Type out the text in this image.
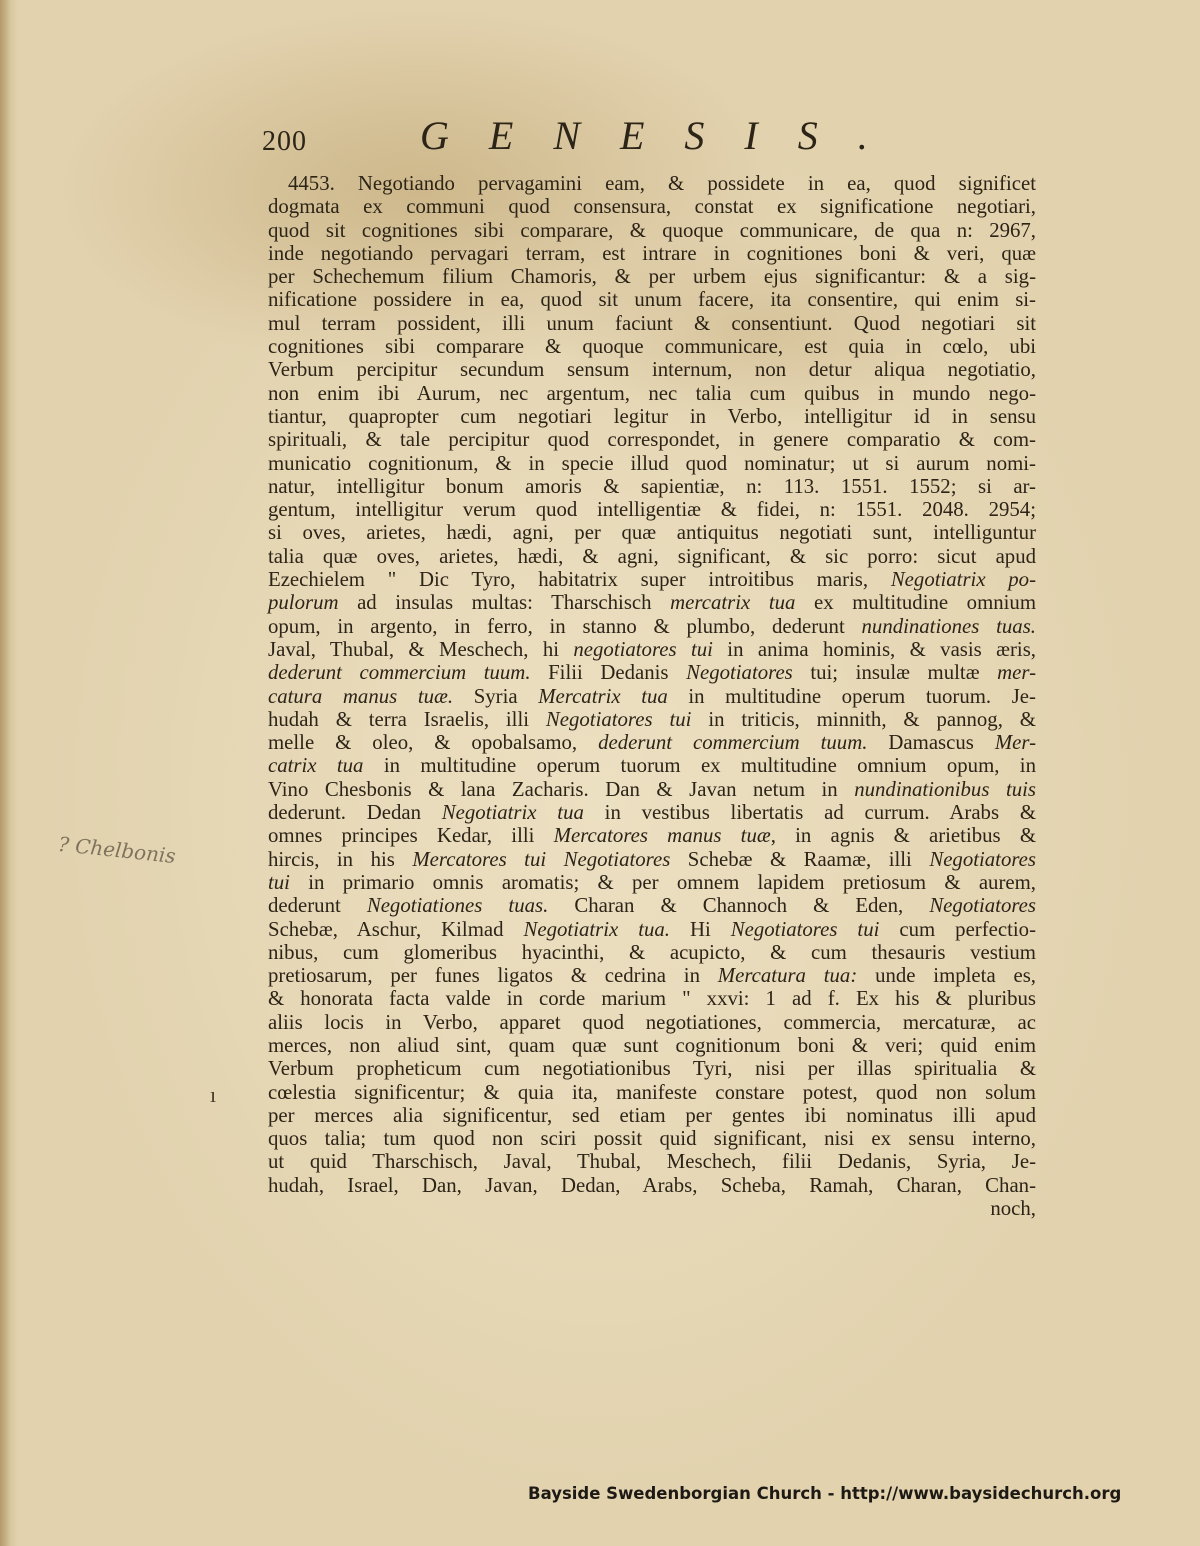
200	GENESIS.
4453. Negotiando pervagamini eam, & possidete in ea, quod significet
dogmata ex communi quod consensura, constat ex significatione negotiari,
quod sit cognitiones sibi comparare, & quoque communicare, de qua n: 2967,
inde negotiando pervagari terram, est intrare in cognitiones boni & veri, quæ
per Schechemum filium Chamoris, & per urbem ejus significantur: & a sig-
nificatione possidere in ea, quod sit unum facere, ita consentire, qui enim si-
mul terram possident, illi unum faciunt & consentiunt. Quod negotiari sit
cognitiones sibi comparare & quoque communicare, est quia in cœlo, ubi
Verbum percipitur secundum sensum internum, non detur aliqua negotiatio,
non enim ibi Aurum, nec argentum, nec talia cum quibus in mundo nego-
tiantur, quapropter cum negotiari legitur in Verbo, intelligitur id in sensu
spirituali, & tale percipitur quod correspondet, in genere comparatio & com-
municatio cognitionum, & in specie illud quod nominatur; ut si aurum nomi-
natur, intelligitur bonum amoris & sapientiæ, n: 113. 1551. 1552; si ar-
gentum, intelligitur verum quod intelligentiæ & fidei, n: 1551. 2048. 2954;
si oves, arietes, hædi, agni, per quæ antiquitus negotiati sunt, intelliguntur
talia quæ oves, arietes, hædi, & agni, significant, & sic porro: sicut apud
Ezechielem " Dic Tyro, habitatrix super introitibus maris, Negotiatrix po-
pulorum ad insulas multas: Tharschisch mercatrix tua ex multitudine omnium
opum, in argento, in ferro, in stanno & plumbo, dederunt nundinationes tuas.
Javal, Thubal, & Meschech, hi negotiatores tui in anima hominis, & vasis æris,
dederunt commercium tuum. Filii Dedanis Negotiatores tui; insulæ multæ mer-
catura manus tuæ. Syria Mercatrix tua in multitudine operum tuorum. Je-
hudah & terra Israelis, illi Negotiatores tui in triticis, minnith, & pannog, &
melle & oleo, & opobalsamo, dederunt commercium tuum. Damascus Mer-
catrix tua in multitudine operum tuorum ex multitudine omnium opum, in
Vino Chesbonis & lana Zacharis. Dan & Javan netum in nundinationibus tuis
dederunt. Dedan Negotiatrix tua in vestibus libertatis ad currum. Arabs &
omnes principes Kedar, illi Mercatores manus tuæ, in agnis & arietibus &
hircis, in his Mercatores tui Negotiatores Schebæ & Raamæ, illi Negotiatores
tui in primario omnis aromatis; & per omnem lapidem pretiosum & aurem,
dederunt Negotiationes tuas. Charan & Channoch & Eden, Negotiatores
Schebæ, Aschur, Kilmad Negotiatrix tua. Hi Negotiatores tui cum perfectio-
nibus, cum glomeribus hyacinthi, & acupicto, & cum thesauris vestium
pretiosarum, per funes ligatos & cedrina in Mercatura tua: unde impleta es,
& honorata facta valde in corde marium " xxvi: 1 ad f. Ex his & pluribus
aliis locis in Verbo, apparet quod negotiationes, commercia, mercaturæ, ac
merces, non aliud sint, quam quæ sunt cognitionum boni & veri; quid enim
Verbum propheticum cum negotiationibus Tyri, nisi per illas spiritualia &
cœlestia significentur; & quia ita, manifeste constare potest, quod non solum
per merces alia significentur, sed etiam per gentes ibi nominatus illi apud
quos talia; tum quod non sciri possit quid significant, nisi ex sensu interno,
ut quid Tharschisch, Javal, Thubal, Meschech, filii Dedanis, Syria, Je-
hudah, Israel, Dan, Javan, Dedan, Arabs, Scheba, Ramah, Charan, Chan-
noch,
? Chelbonis
ı
Bayside Swedenborgian Church - http://www.baysidechurch.org
